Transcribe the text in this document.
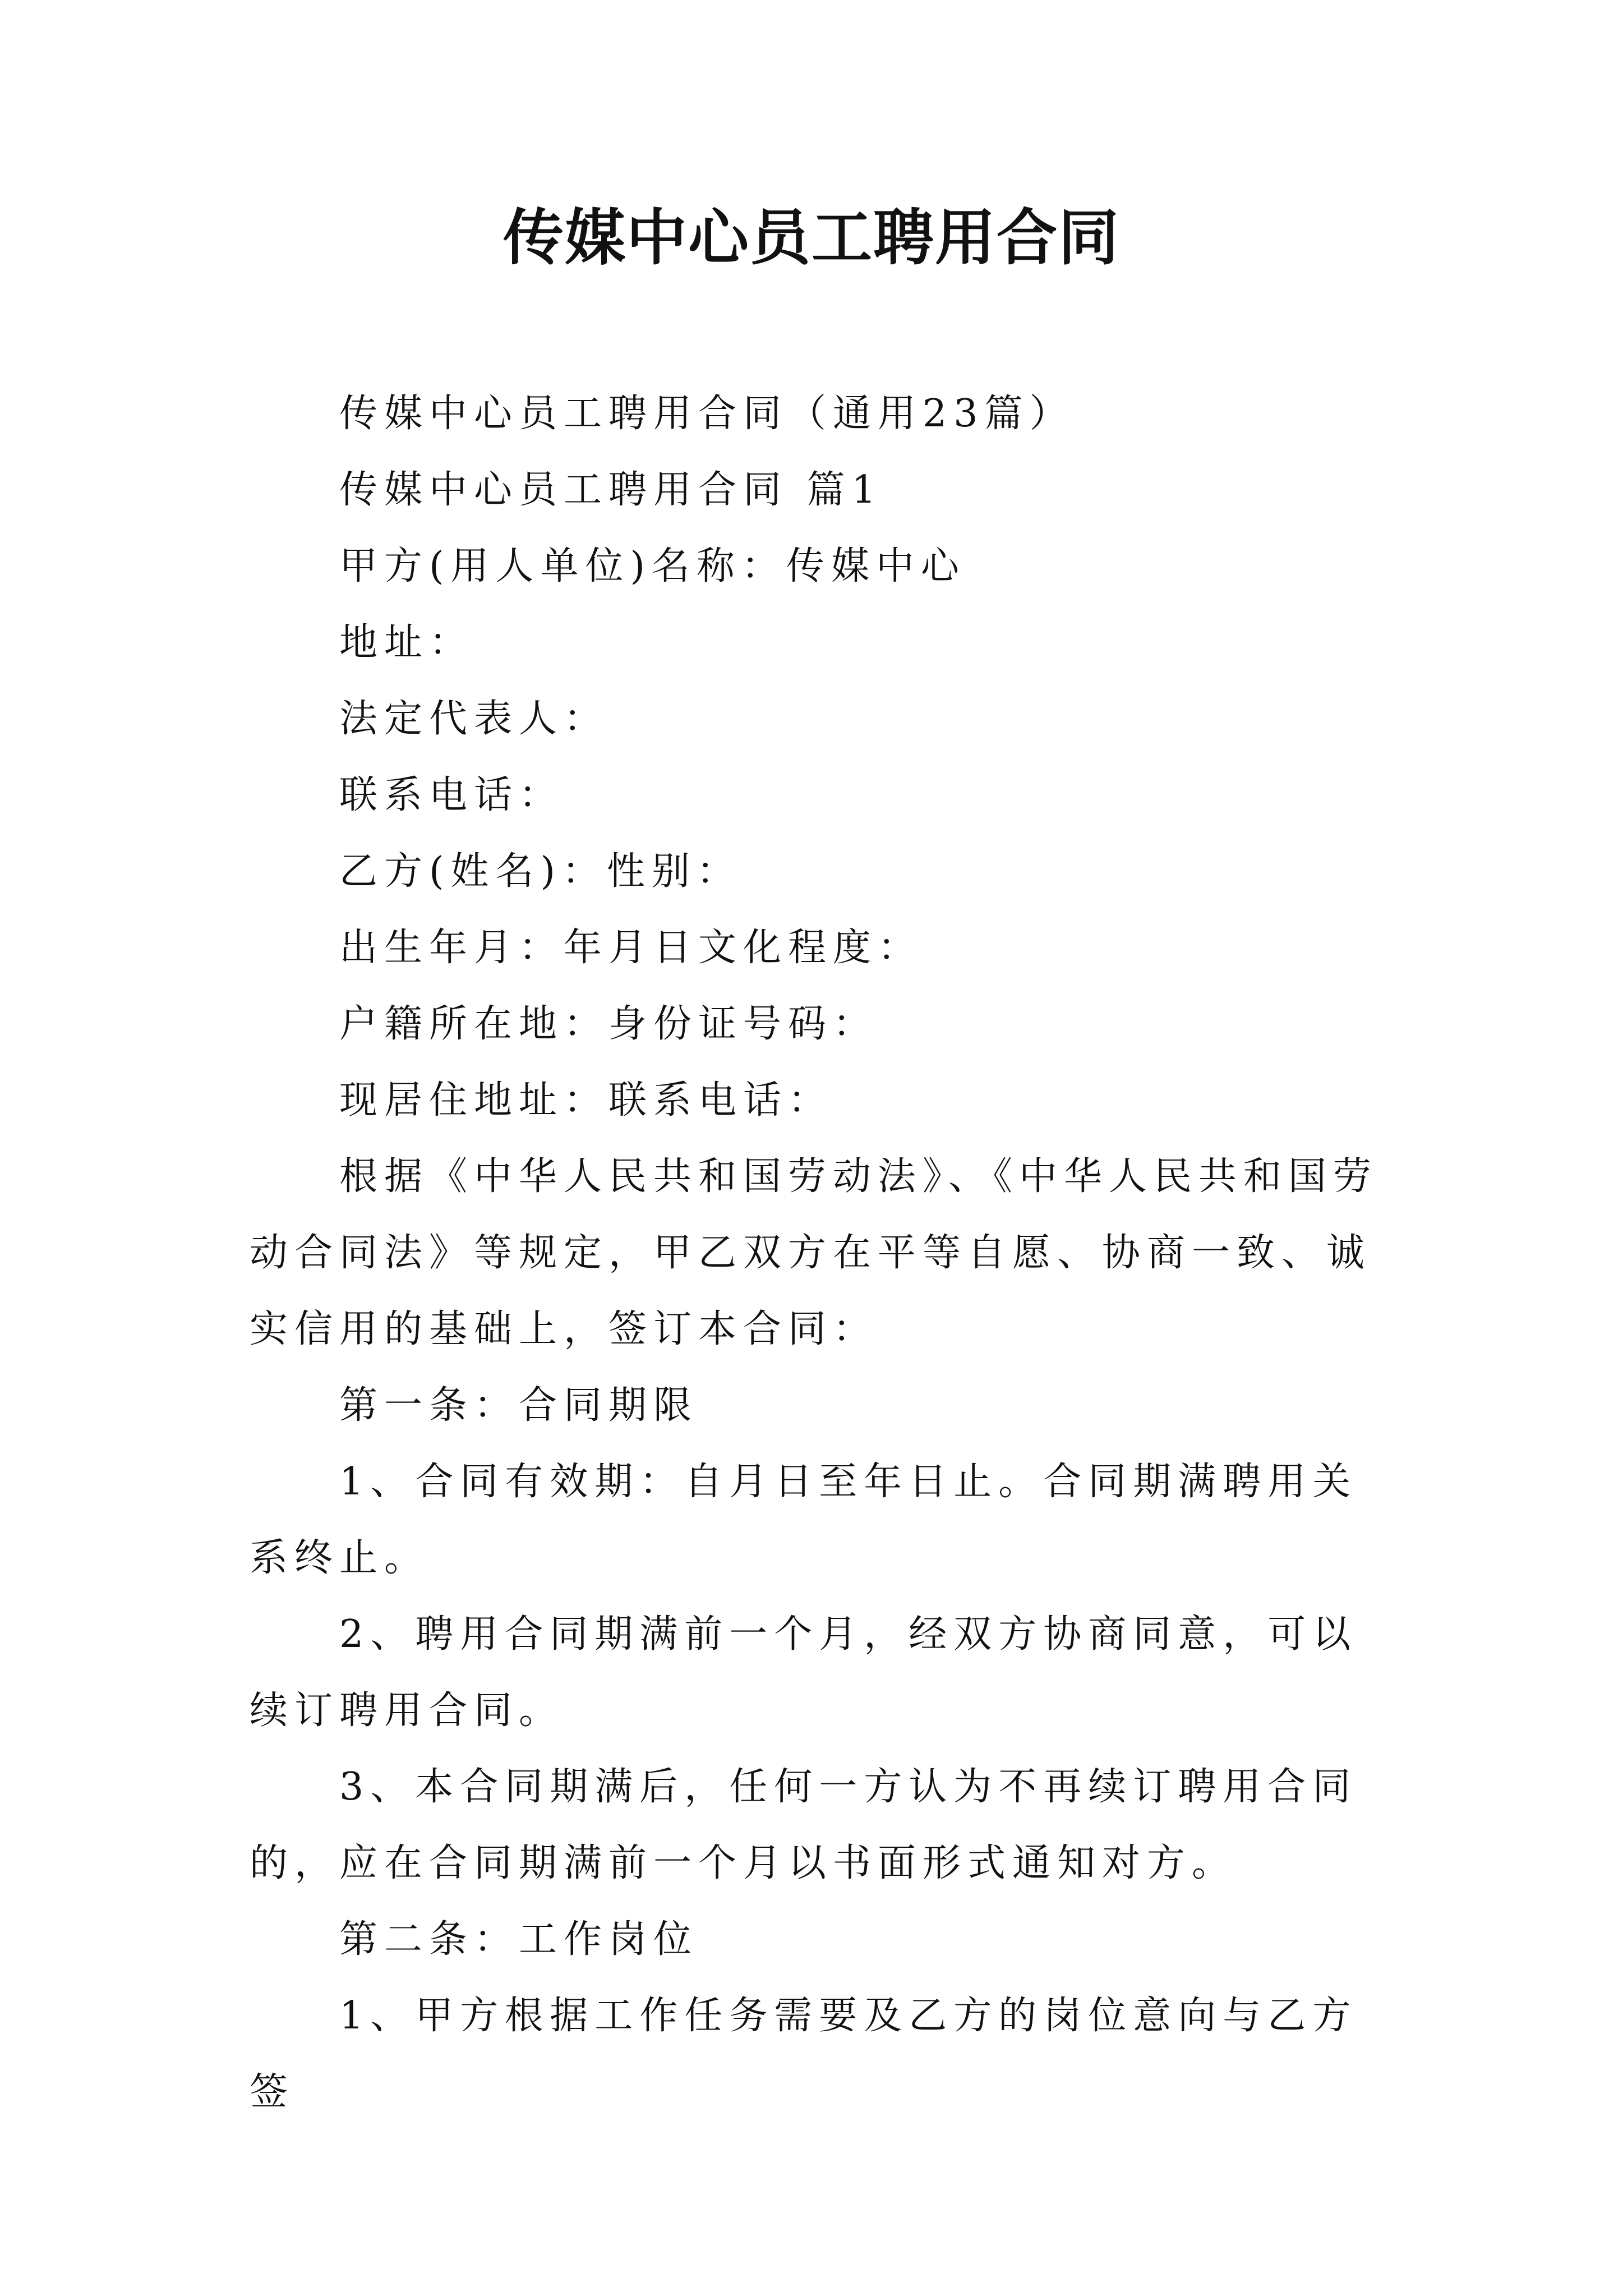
传媒中心员工聘用合同

传媒中心员工聘用合同（通用23篇）

传媒中心员工聘用合同 篇1

甲方(用人单位)名称：传媒中心

地址：

法定代表人：

联系电话：

乙方(姓名)：性别：

出生年月：年月日文化程度：

户籍所在地：身份证号码：

现居住地址：联系电话：

根据《中华人民共和国劳动法》、《中华人民共和国劳动合同法》等规定，甲乙双方在平等自愿、协商一致、诚实信用的基础上，签订本合同：

第一条：合同期限

1、合同有效期：自月日至年日止。合同期满聘用关系终止。

2、聘用合同期满前一个月，经双方协商同意，可以续订聘用合同。

3、本合同期满后，任何一方认为不再续订聘用合同的，应在合同期满前一个月以书面形式通知对方。

第二条：工作岗位

1、甲方根据工作任务需要及乙方的岗位意向与乙方签
